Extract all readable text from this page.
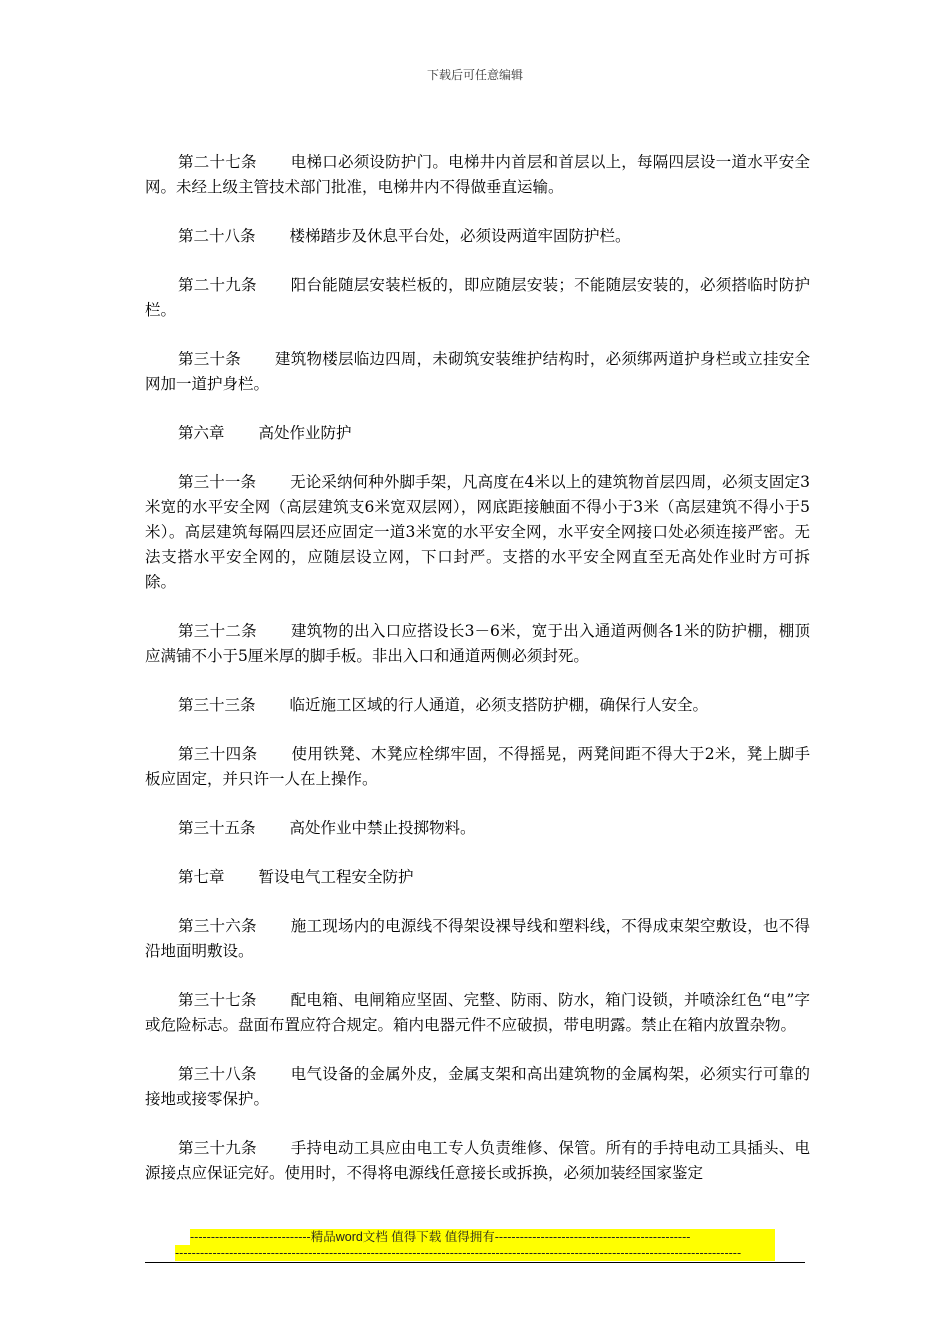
下载后可任意编辑

第二十七条 电梯口必须设防护门。电梯井内首层和首层以上，每隔四层设一道水平安全网。未经上级主管技术部门批准，电梯井内不得做垂直运输。

第二十八条 楼梯踏步及休息平台处，必须设两道牢固防护栏。

第二十九条 阳台能随层安装栏板的，即应随层安装；不能随层安装的，必须搭临时防护栏。

第三十条 建筑物楼层临边四周，未砌筑安装维护结构时，必须绑两道护身栏或立挂安全网加一道护身栏。

第六章 高处作业防护

第三十一条 无论采纳何种外脚手架，凡高度在4米以上的建筑物首层四周，必须支固定3米宽的水平安全网（高层建筑支6米宽双层网），网底距接触面不得小于3米（高层建筑不得小于5米）。高层建筑每隔四层还应固定一道3米宽的水平安全网，水平安全网接口处必须连接严密。无法支搭水平安全网的，应随层设立网，下口封严。支搭的水平安全网直至无高处作业时方可拆除。

第三十二条 建筑物的出入口应搭设长3－6米，宽于出入通道两侧各1米的防护棚，棚顶应满铺不小于5厘米厚的脚手板。非出入口和通道两侧必须封死。

第三十三条 临近施工区域的行人通道，必须支搭防护棚，确保行人安全。

第三十四条 使用铁凳、木凳应栓绑牢固，不得摇晃，两凳间距不得大于2米，凳上脚手板应固定，并只许一人在上操作。

第三十五条 高处作业中禁止投掷物料。

第七章 暂设电气工程安全防护

第三十六条 施工现场内的电源线不得架设裸导线和塑料线，不得成束架空敷设，也不得沿地面明敷设。

第三十七条 配电箱、电闸箱应坚固、完整、防雨、防水，箱门设锁，并喷涂红色“电”字或危险标志。盘面布置应符合规定。箱内电器元件不应破损，带电明露。禁止在箱内放置杂物。

第三十八条 电气设备的金属外皮，金属支架和高出建筑物的金属构架，必须实行可靠的接地或接零保护。

第三十九条 手持电动工具应由电工专人负责维修、保管。所有的手持电动工具插头、电源接点应保证完好。使用时，不得将电源线任意接长或拆换，必须加装经国家鉴定

-----------------------------精品word文档 值得下载 值得拥有-----------------------------------------------
----------------------------------------------------------------------------------------------------------------------------------------
